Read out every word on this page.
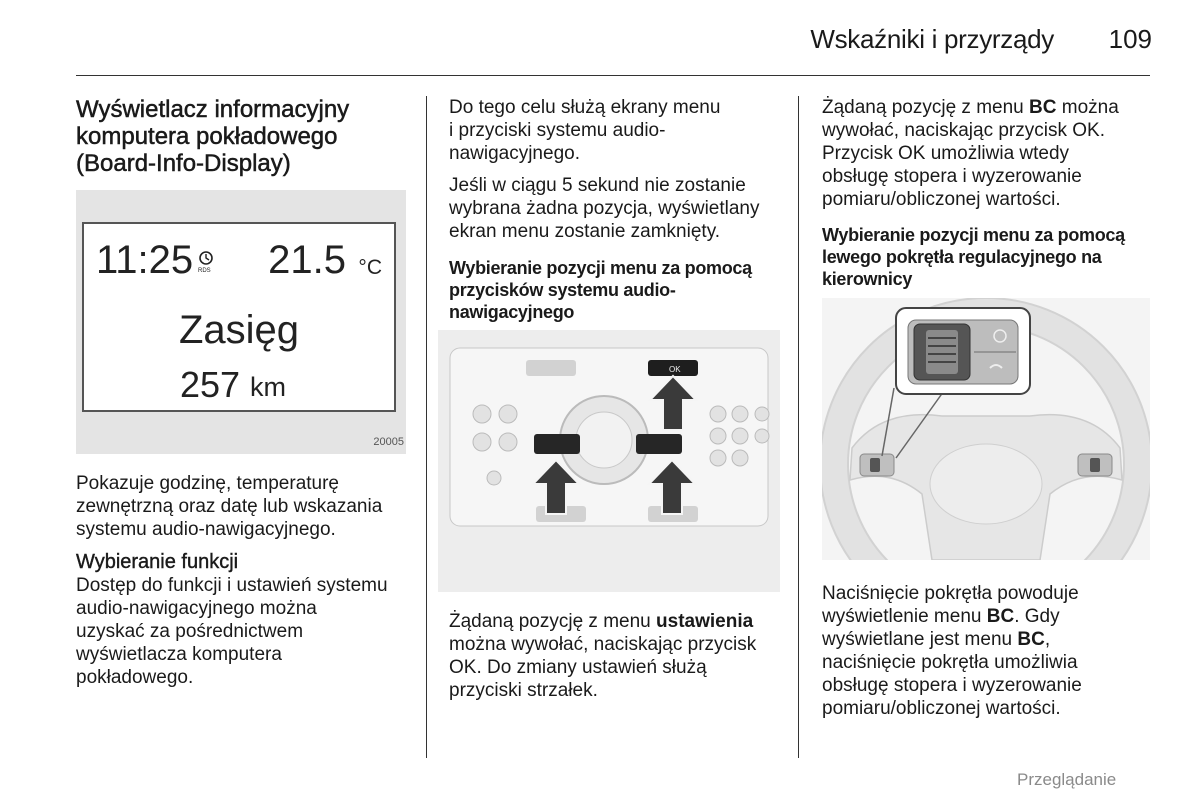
Wskaźniki i przyrządy 109
Wyświetlacz informacyjny
komputera pokładowego
(Board-Info-Display)
11:25 RDS 21.5 °C
Zasięg
257 km
20005

Pokazuje godzinę, temperaturę
zewnętrzną oraz datę lub wskazania
systemu audio-nawigacyjnego.

Wybieranie funkcji

Dostęp do funkcji i ustawień systemu
audio-nawigacyjnego można
uzyskać za pośrednictwem
wyświetlacza komputera
pokładowego.

Do tego celu służą ekrany menu
i przyciski systemu audio-
nawigacyjnego.

Jeśli w ciągu 5 sekund nie zostanie
wybrana żadna pozycja, wyświetlany
ekran menu zostanie zamknięty.

Wybieranie pozycji menu za pomocą
przycisków systemu audio-
nawigacyjnego
OK

Żądaną pozycję z menu ustawienia
można wywołać, naciskając przycisk
OK. Do zmiany ustawień służą
przyciski strzałek.

Żądaną pozycję z menu BC można
wywołać, naciskając przycisk OK.
Przycisk OK umożliwia wtedy
obsługę stopera i wyzerowanie
pomiaru/obliczonej wartości.

Wybieranie pozycji menu za pomocą
lewego pokrętła regulacyjnego na
kierownicy

Naciśnięcie pokrętła powoduje
wyświetlenie menu BC. Gdy
wyświetlane jest menu BC,
naciśnięcie pokrętła umożliwia
obsługę stopera i wyzerowanie
pomiaru/obliczonej wartości.

Przeglądanie
